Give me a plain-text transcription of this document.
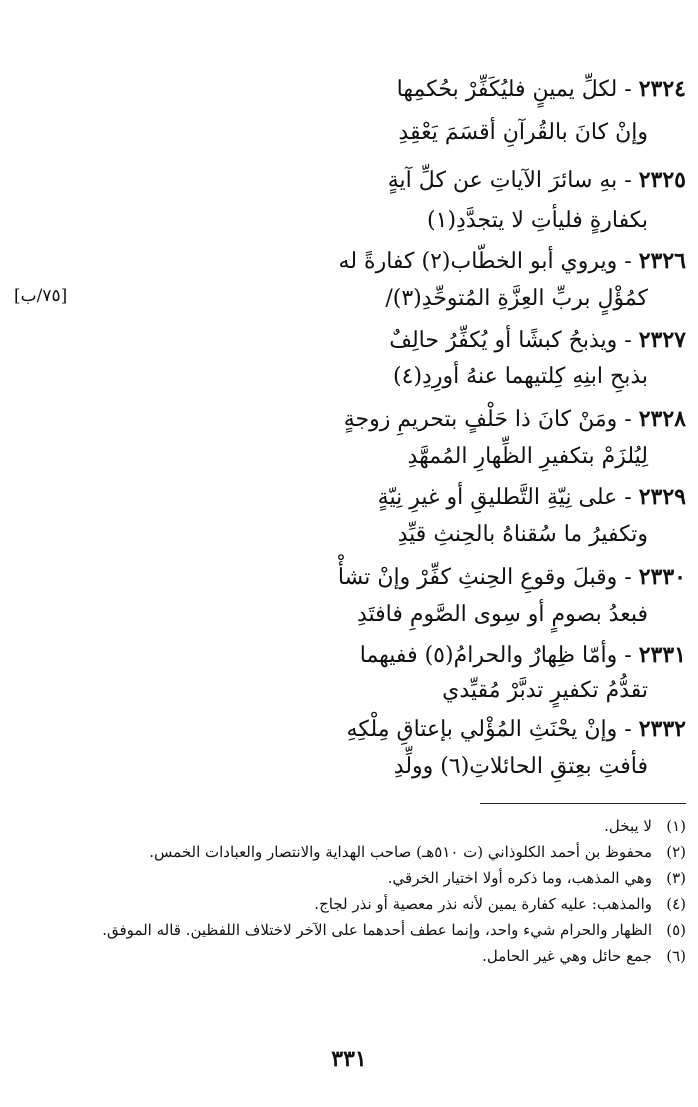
٢٣٢٤ - لكلِّ يمينٍ فليُكَفِّرْ بحُكمِها
وإنْ كانَ بالقُرآنِ أقسَمَ يَعْقِدِ
٢٣٢٥ - بهِ سائرَ الآياتِ عن كلِّ آيةٍ
بكفارةٍ فليأتِ لا يتجدَّدِ(١)
٢٣٢٦ - ويروي أبو الخطّاب(٢) كفارةً له
كمُؤْلٍ بربِّ العِزَّةِ المُتوحِّدِ(٣)/
[٧٥/ب]
٢٣٢٧ - ويذبحُ كبشًا أو يُكفِّرُ حالِفٌ
بذبحِ ابنِهِ كِلتيهما عنهُ أورِدِ(٤)
٢٣٢٨ - ومَنْ كانَ ذا حَلْفٍ بتحريمِ زوجةٍ
لِيُلزَمْ بتكفيرِ الظِّهارِ المُمهَّدِ
٢٣٢٩ - على نِيّةِ التَّطليقِ أو غيرِ نِيّةٍ
وتكفيرُ ما سُقناهُ بالحِنثِ قيِّدِ
٢٣٣٠ - وقبلَ وقوعِ الحِنثِ كفِّرْ وإنْ تشأْ
فبعدُ بصومٍ أو سِوى الصَّومِ فافتَدِ
٢٣٣١ - وأمّا ظِهارٌ والحرامُ(٥) ففيهما
تقدُّمُ تكفيرٍ تدبَّرْ مُقيِّدي
٢٣٣٢ - وإنْ يحْنَثِ المُؤْلي بإعتاقِ مِلْكِهِ
فأفتِ بعِتقِ الحائلاتِ(٦) وولِّدِ
(١)
لا يبخل.
(٢)
محفوظ بن أحمد الكلوذاني (ت ٥١٠هـ) صاحب الهداية والانتصار والعبادات الخمس.
(٣)
وهي المذهب، وما ذكره أولا اختيار الخرقي.
(٤)
والمذهب: عليه كفارة يمين لأنه نذر معصية أو نذر لجاج.
(٥)
الظهار والحرام شيء واحد، وإنما عطف أحدهما على الآخر لاختلاف اللفظين. قاله الموفق.
(٦)
جمع حائل وهي غير الحامل.
٣٣١
